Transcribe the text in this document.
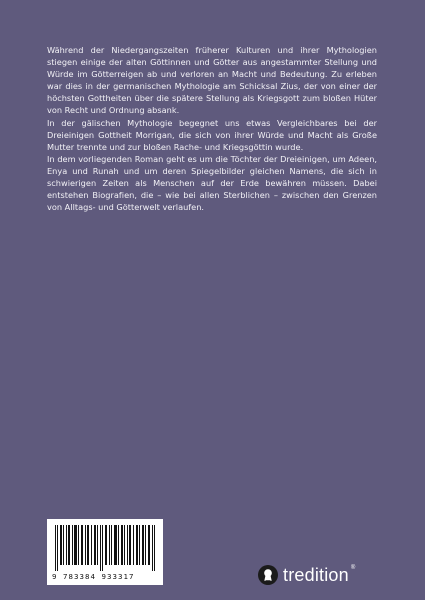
Während der Niedergangszeiten früherer Kulturen und ihrer Mythologien stiegen einige der alten Göttinnen und Götter aus angestammter Stellung und Würde im Götterreigen ab und verloren an Macht und Bedeutung. Zu erleben war dies in der germanischen Mythologie am Schicksal Zius, der von einer der höchsten Gottheiten über die spätere Stellung als Kriegsgott zum bloßen Hüter von Recht und Ordnung absank.

In der gälischen Mythologie begegnet uns etwas Vergleichbares bei der Dreieinigen Gottheit Morrigan, die sich von ihrer Würde und Macht als Große Mutter trennte und zur bloßen Rache- und Kriegsgöttin wurde.

In dem vorliegenden Roman geht es um die Töchter der Dreieinigen, um Adeen, Enya und Runah und um deren Spiegelbilder gleichen Namens, die sich in schwierigen Zeiten als Menschen auf der Erde bewähren müssen. Dabei entstehen Biografien, die – wie bei allen Sterblichen – zwischen den Grenzen von Alltags- und Götterwelt verlaufen.

9 783384 933317	tredition ®
